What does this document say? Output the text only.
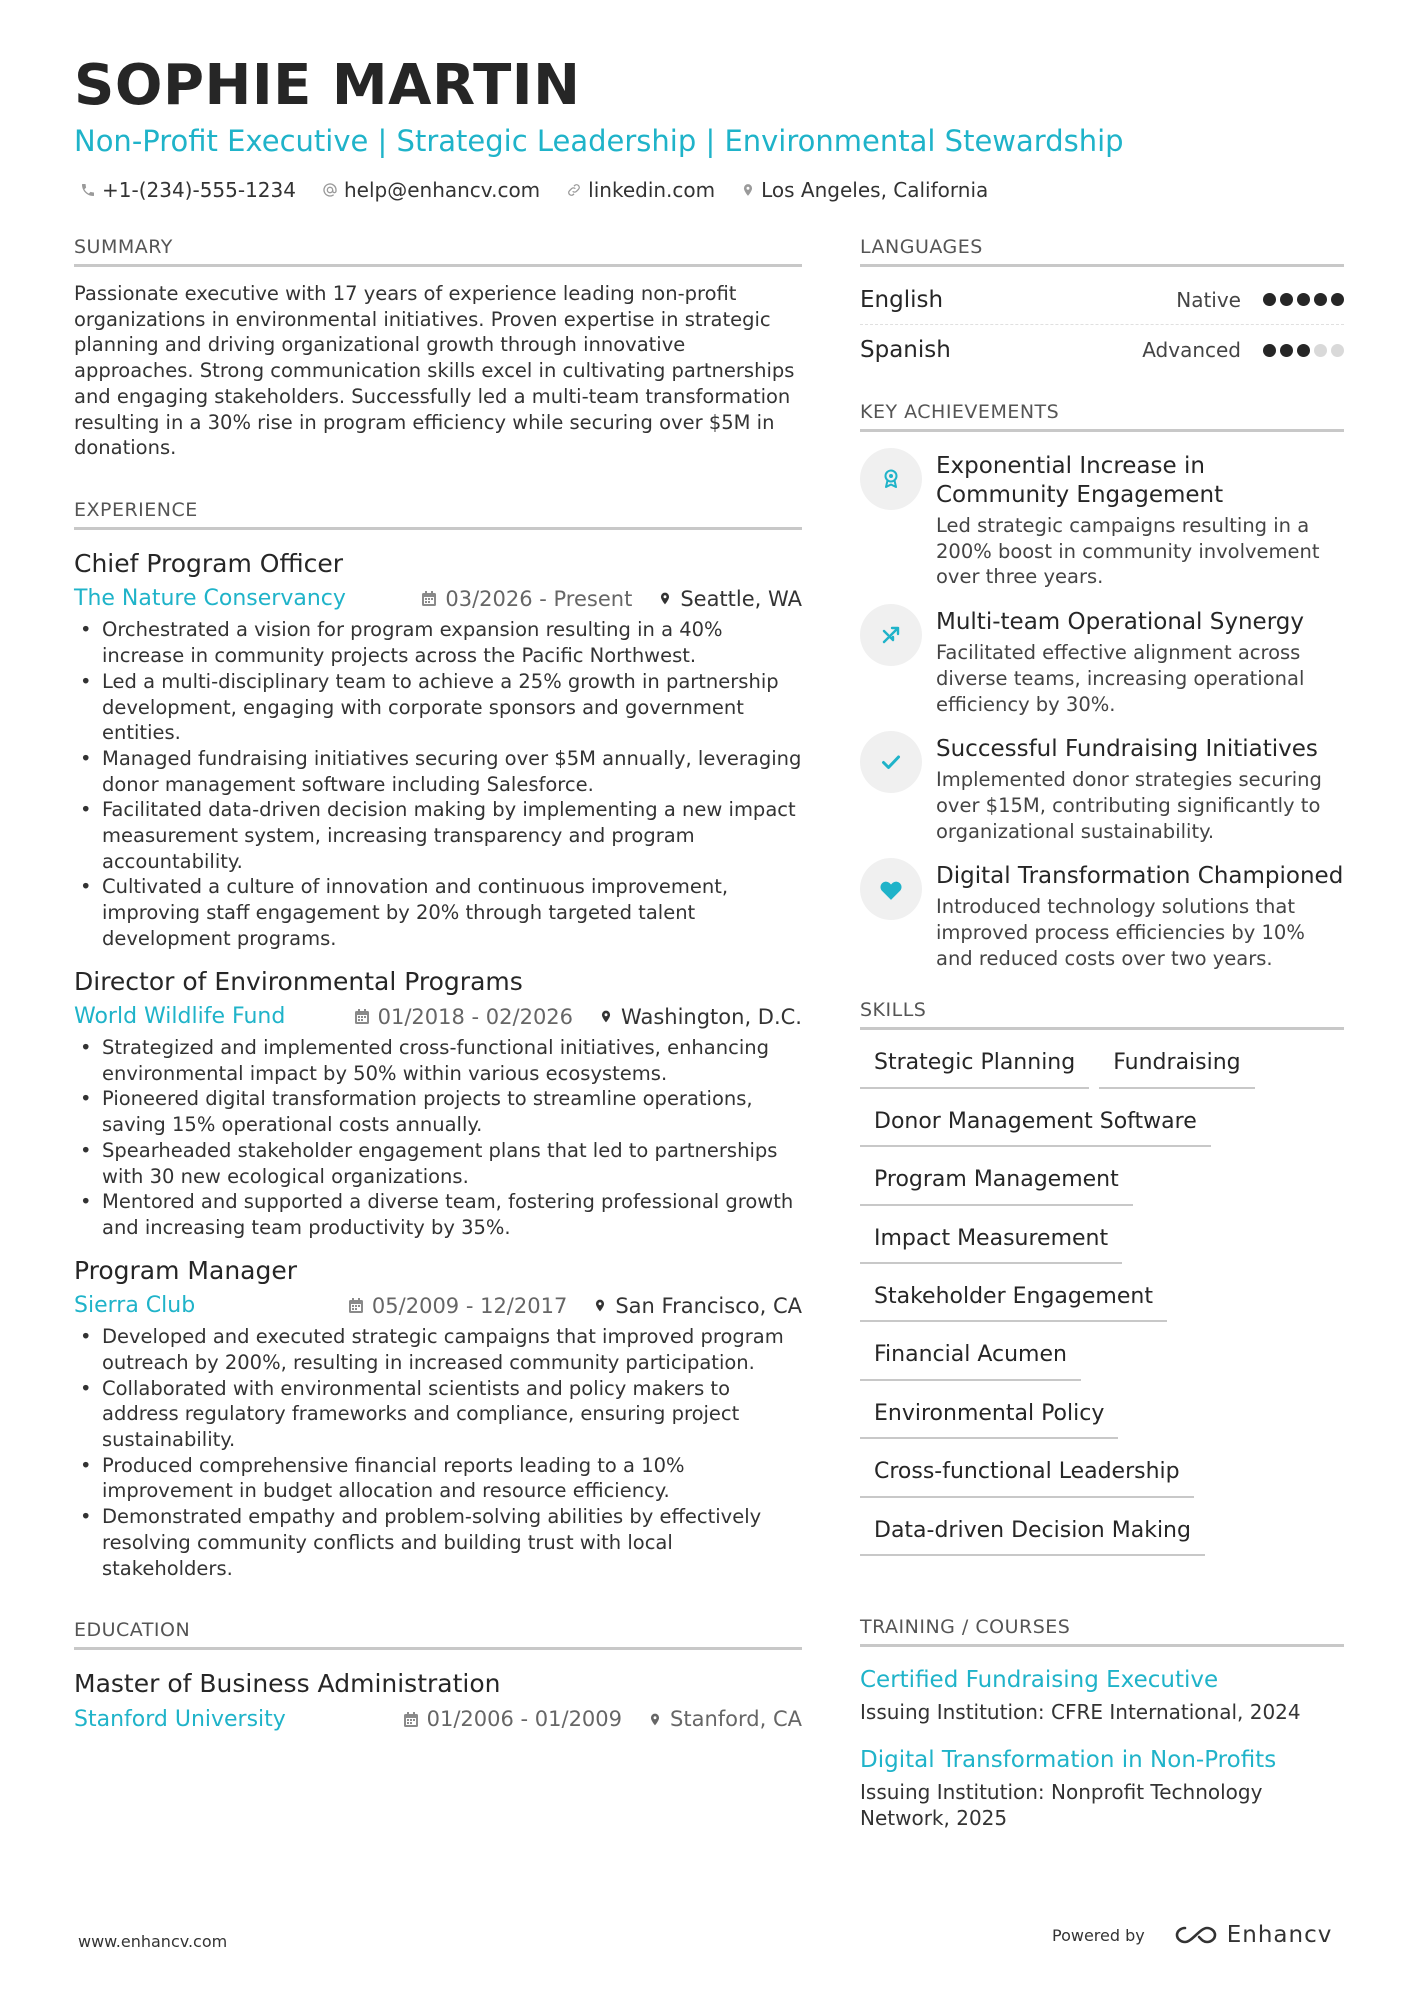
SOPHIE MARTIN
Non-Profit Executive | Strategic Leadership | Environmental Stewardship
+1-(234)-555-1234 help@enhancv.com linkedin.com Los Angeles, California
SUMMARY

Passionate executive with 17 years of experience leading non-profit organizations in environmental initiatives. Proven expertise in strategic planning and driving organizational growth through innovative approaches. Strong communication skills excel in cultivating partnerships and engaging stakeholders. Successfully led a multi-team transformation resulting in a 30% rise in program efficiency while securing over $5M in donations.

EXPERIENCE
Chief Program Officer
The Nature Conservancy	03/2026 - Present Seattle, WA
• Orchestrated a vision for program expansion resulting in a 40% increase in community projects across the Pacific Northwest.
• Led a multi-disciplinary team to achieve a 25% growth in partnership development, engaging with corporate sponsors and government entities.
• Managed fundraising initiatives securing over $5M annually, leveraging donor management software including Salesforce.
• Facilitated data-driven decision making by implementing a new impact measurement system, increasing transparency and program accountability.
• Cultivated a culture of innovation and continuous improvement, improving staff engagement by 20% through targeted talent development programs.
Director of Environmental Programs
World Wildlife Fund	01/2018 - 02/2026 Washington, D.C.
• Strategized and implemented cross-functional initiatives, enhancing environmental impact by 50% within various ecosystems.
• Pioneered digital transformation projects to streamline operations, saving 15% operational costs annually.
• Spearheaded stakeholder engagement plans that led to partnerships with 30 new ecological organizations.
• Mentored and supported a diverse team, fostering professional growth and increasing team productivity by 35%.
Program Manager
Sierra Club	05/2009 - 12/2017 San Francisco, CA
• Developed and executed strategic campaigns that improved program outreach by 200%, resulting in increased community participation.
• Collaborated with environmental scientists and policy makers to address regulatory frameworks and compliance, ensuring project sustainability.
• Produced comprehensive financial reports leading to a 10% improvement in budget allocation and resource efficiency.
• Demonstrated empathy and problem-solving abilities by effectively resolving community conflicts and building trust with local stakeholders.
EDUCATION
Master of Business Administration
Stanford University	01/2006 - 01/2009 Stanford, CA
LANGUAGES
English	Native
Spanish	Advanced
KEY ACHIEVEMENTS
Exponential Increase in Community Engagement
Led strategic campaigns resulting in a 200% boost in community involvement over three years.
Multi-team Operational Synergy
Facilitated effective alignment across diverse teams, increasing operational efficiency by 30%.
Successful Fundraising Initiatives
Implemented donor strategies securing over $15M, contributing significantly to organizational sustainability.
Digital Transformation Championed
Introduced technology solutions that improved process efficiencies by 10% and reduced costs over two years.
SKILLS
Strategic Planning	Fundraising
Donor Management Software
Program Management
Impact Measurement
Stakeholder Engagement
Financial Acumen
Environmental Policy
Cross-functional Leadership
Data-driven Decision Making
TRAINING / COURSES
Certified Fundraising Executive
Issuing Institution: CFRE International, 2024
Digital Transformation in Non-Profits
Issuing Institution: Nonprofit Technology Network, 2025
www.enhancv.com	Powered by	Enhancv
